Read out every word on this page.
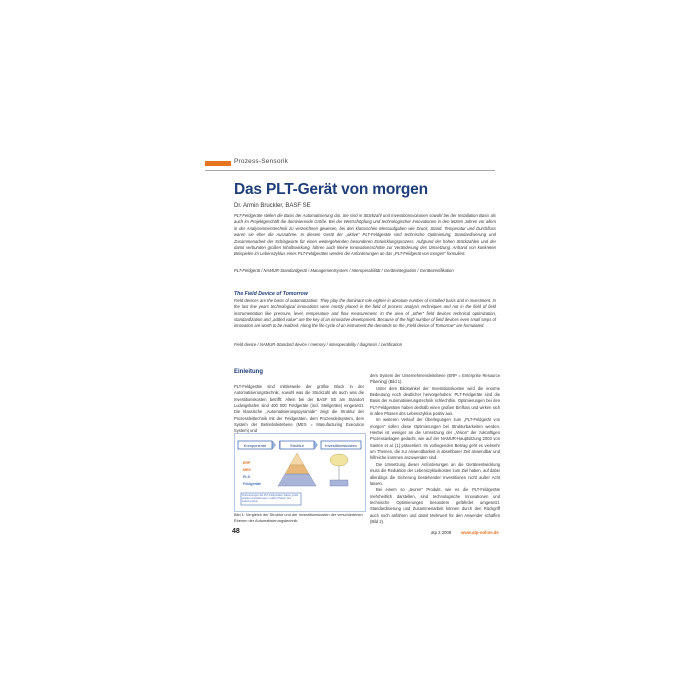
Prozess-Sensorik
Das PLT-Gerät von morgen
Dr. Armin Bruckler, BASF SE
PLT-Feldgeräte stellen die Basis der Automatisierung dar. Sie sind in Stückzahl und Investitionsvolumen sowohl bei der Installation Basis als auch im Projektgeschäft die dominierende Größe. Bei der Wertschöpfung und technologischer Innovationen in den letzten Jahren vor allem in der Analysenmesstechnik zu verzeichnen gewesen, bei den klassischen Messaufgaben wie Druck, Stand, Temperatur und Durchfluss waren sie eher die Ausnahme. In diesem Gerät der „aktive" PLT-Feldgeräte sind technische Optimierung, Standardisierung und Zusammenarbeit der Schlagworte für einen weitergehenden besonderen Entwicklungsprozess. Aufgrund der hohen Stückzahlen und der damit verbunden großen Inhaltswirkung, fahren auch kleine Innovationsschritte zur Veränderung des Umsetzung. Anhand von konkreten Beispielen im Lebenszyklus eines PLT-Feldgerätes werden die Anforderungen an das „PLT-Feldgerät von morgen" formuliert.
PLT-Feldgerät / NAMUR-Standardgerät / Managementsystem / Interoperabilität / Geräteintegration / Gerätezertifikation
The Field Device of Tomorrow
Field devices are the basis of automatization. They play the dominant role eighter in absolute number of installed basis and in investment. In the last few years technological innovations were mostly placed in the field of process analysis techniques and not in the field of field instrumentation like pressure, level, temperature and flow measurement. In the area of „other" field devices technical optimization, standardization and „added value" are the key of an innovative development. Because of the high number of field devices even small steps of innovation are worth to be realized. Along the life cycle of an instrument the demands on the „Field device of Tomorrow" are formulated.
Field device / NAMUR-Standard device / memory / interoperability / diagnosis / certification
Einleitung

PLT-Feldgeräte sind mittlerweile der größte Block in der Automatisierungstechnik, sowohl was die Stückzahl als auch was die Investitionskosten betrifft. Allein bei der BASF SE am Standort Ludwigshafen sind 400 000 Feldgeräte (incl. Stellgeräte) eingesetzt. Die klassische „Automatisierungspyramide" zeigt die Struktur der Prozessleittechnik mit der Feldgeräten, dem Prozessleitsystem, dem System der Betriebsleitebene (MES = Manufacturing Execution System) und

Komponente	Struktur	Investitionskosten
ERP
MES
PLS
Feldgeräte
Optimierungen bei PLT-Feldgeräten haben große positive Auswirkungen in allen Phasen des Lebenszyklus
Bild 1: Vergleich der Struktur und der Investitionskosten der verschiedenen Ebenen der Automatisierungstechnik.

dem System der Unternehmensleitebene (ERP = Enterprise Resource Planning) (Bild 1).

Unter dem Blickwinkel der Investitionskosten wird die enorme Bedeutung noch deutlicher hervorgehoben: PLT-Feldgeräte sind die Basis der Automatisierungstechnik schlechthin. Optimierungen bei den PLT-Feldgeräten haben deshalb einen großen Einfluss und wirken sich in allen Phasen des Lebenszyklus positiv aus.

Im weiteren Verlauf der Überlegungen zum „PLT-Feldgerät von morgen" sollen diese Optimierungen bei Strukturbarkeiten werden. Hierbei ist weniger an die Umsetzung der „Vision" der zukünftigen Prozessanlagen gedacht, wie auf der NAMUR-Hauptsitzung 2003 von Santen et al. [1] präsentiert. Im vorliegenden Beitrag geht es vielmehr um Themen, die zur Anwendbarkeit in absehbarer Zeit anwendbar und hilfreiche kommen anzuwenden sind.

Die Umsetzung dieser Anforderungen an die Geräteentwicklung muss die Reduktion der Lebenszykluskosten zum Ziel haben, auf dabei allerdings die Sicherung bestehender Investitionen nicht außer Acht lassen.

Bei einem so „teuren" Produkt, wie es die PLT-Feldgeräte mehrheitlich darstellen, sind technologische Innovationen und technische Optimierungen besonders gefährdet umgesetzt. Standardisierung und Zusammenarbeit können durch den Rückgriff auch noch anfahren und damit Mehrwert für den Anwender schaffen (Bild 2).

48	atp 2.2008 www.atp-online.de
